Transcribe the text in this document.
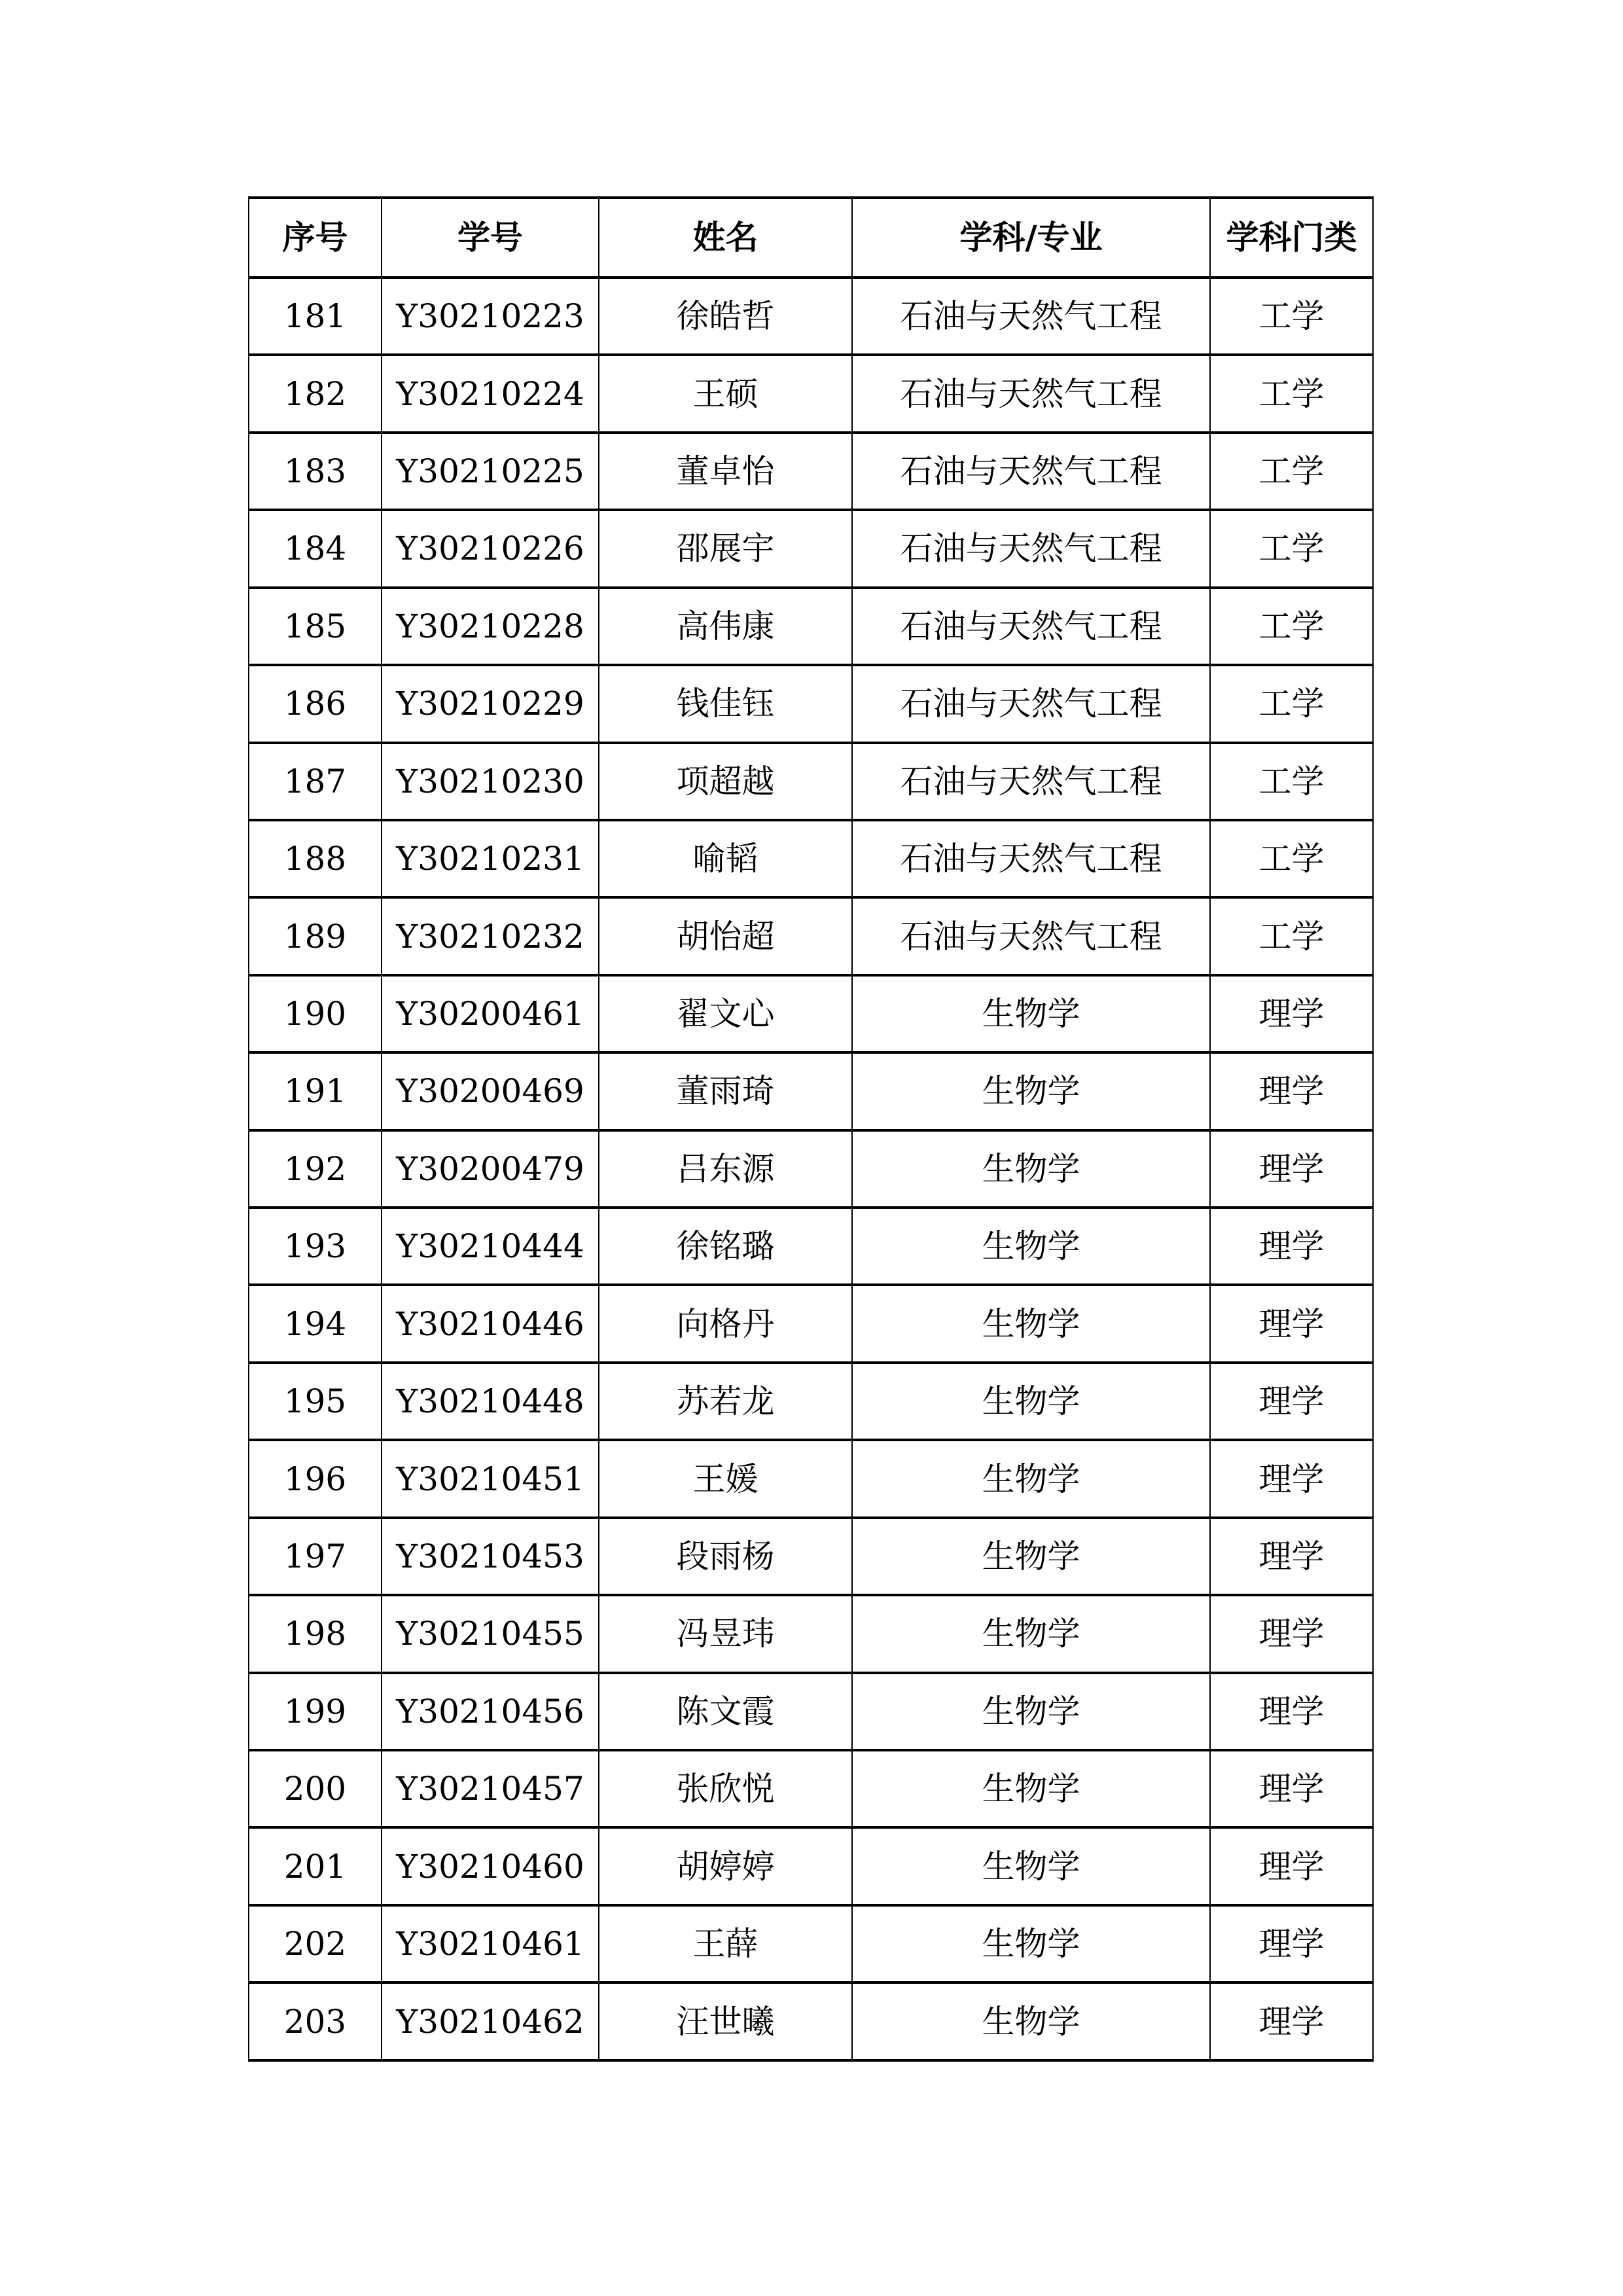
序号	学号	姓名	学科/专业	学科门类
181	Y30210223	徐皓哲	石油与天然气工程	工学
182	Y30210224	王硕	石油与天然气工程	工学
183	Y30210225	董卓怡	石油与天然气工程	工学
184	Y30210226	邵展宇	石油与天然气工程	工学
185	Y30210228	高伟康	石油与天然气工程	工学
186	Y30210229	钱佳钰	石油与天然气工程	工学
187	Y30210230	项超越	石油与天然气工程	工学
188	Y30210231	喻韬	石油与天然气工程	工学
189	Y30210232	胡怡超	石油与天然气工程	工学
190	Y30200461	翟文心	生物学	理学
191	Y30200469	董雨琦	生物学	理学
192	Y30200479	吕东源	生物学	理学
193	Y30210444	徐铭璐	生物学	理学
194	Y30210446	向格丹	生物学	理学
195	Y30210448	苏若龙	生物学	理学
196	Y30210451	王媛	生物学	理学
197	Y30210453	段雨杨	生物学	理学
198	Y30210455	冯昱玮	生物学	理学
199	Y30210456	陈文霞	生物学	理学
200	Y30210457	张欣悦	生物学	理学
201	Y30210460	胡婷婷	生物学	理学
202	Y30210461	王薛	生物学	理学
203	Y30210462	汪世曦	生物学	理学
